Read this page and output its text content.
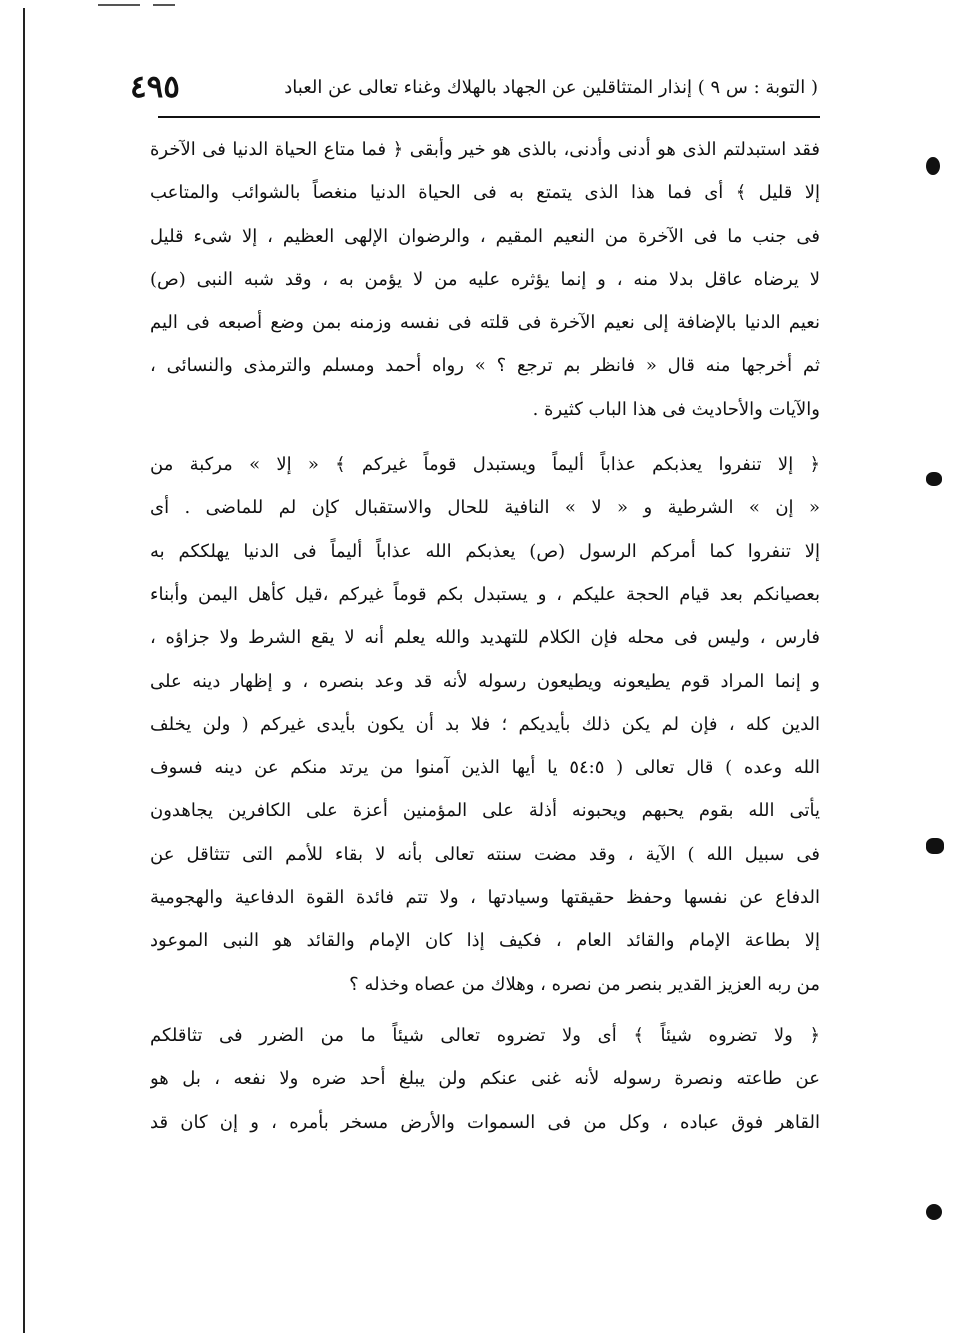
( التوبة : س ٩ ) إنذار المتثاقلين عن الجهاد بالهلاك وغناء تعالى عن العباد
٤٩٥
فقد استبدلتم الذى هو أدنى وأدنى، بالذى هو خير وأبقى ﴿ فما متاع الحياة الدنيا فى الآخرة
إلا قليل ﴾ أى فما هذا الذى يتمتع به فى الحياة الدنيا منغصاً بالشوائب والمتاعب
فى جنب ما فى الآخرة من النعيم المقيم ، والرضوان الإلهى العظيم ، إلا شىء قليل
لا يرضاه عاقل بدلا منه ، و إنما يؤثره عليه من لا يؤمن به ، وقد شبه النبى (ص)
نعيم الدنيا بالإضافة إلى نعيم الآخرة فى قلته فى نفسه وزمنه بمن وضع أصبعه فى اليم
ثم أخرجها منه قال « فانظر بم ترجع ؟ » رواه أحمد ومسلم والترمذى والنسائى ،
والآيات والأحاديث فى هذا الباب كثيرة .
﴿ إلا تنفروا يعذبكم عذاباً أليماً ويستبدل قوماً غيركم ﴾ « إلا » مركبة من
« إن » الشرطية و « لا » النافية للحال والاستقبال كإن لم للماضى . أى
إلا تنفروا كما أمركم الرسول (ص) يعذبكم الله عذاباً أليماً فى الدنيا يهلككم به
بعصيانكم بعد قيام الحجة عليكم ، و يستبدل بكم قوماً غيركم ،قيل كأهل اليمن وأبناء
فارس ، وليس فى محله فإن الكلام للتهديد والله يعلم أنه لا يقع الشرط ولا جزاؤه ،
و إنما المراد قوم يطيعونه ويطيعون رسوله لأنه قد وعد بنصره ، و إظهار دينه على
الدين كله ، فإن لم يكن ذلك بأيديكم ؛ فلا بد أن يكون بأيدى غيركم ( ولن يخلف
الله وعده ) قال تعالى ( ٥٤:٥ يا أيها الذين آمنوا من يرتد منكم عن دينه فسوف
يأتى الله بقوم يحبهم ويحبونه أذلة على المؤمنين أعزة على الكافرين يجاهدون
فى سبيل الله ) الآية ، وقد مضت سنته تعالى بأنه لا بقاء للأمم التى تتثاقل عن
الدفاع عن نفسها وحفظ حقيقتها وسيادتها ، ولا تتم فائدة القوة الدفاعية والهجومية
إلا بطاعة الإمام والقائد العام ، فكيف إذا كان الإمام والقائد هو النبى الموعود
من ربه العزيز القدير بنصر من نصره ، وهلاك من عصاه وخذله ؟
﴿ ولا تضروه شيئاً ﴾ أى ولا تضروه تعالى شيئاً ما من الضرر فى تثاقلكم
عن طاعته ونصرة رسوله لأنه غنى عنكم ولن يبلغ أحد ضره ولا نفعه ، بل هو
القاهر فوق عباده ، وكل من فى السموات والأرض مسخر بأمره ، و إن كان قد
